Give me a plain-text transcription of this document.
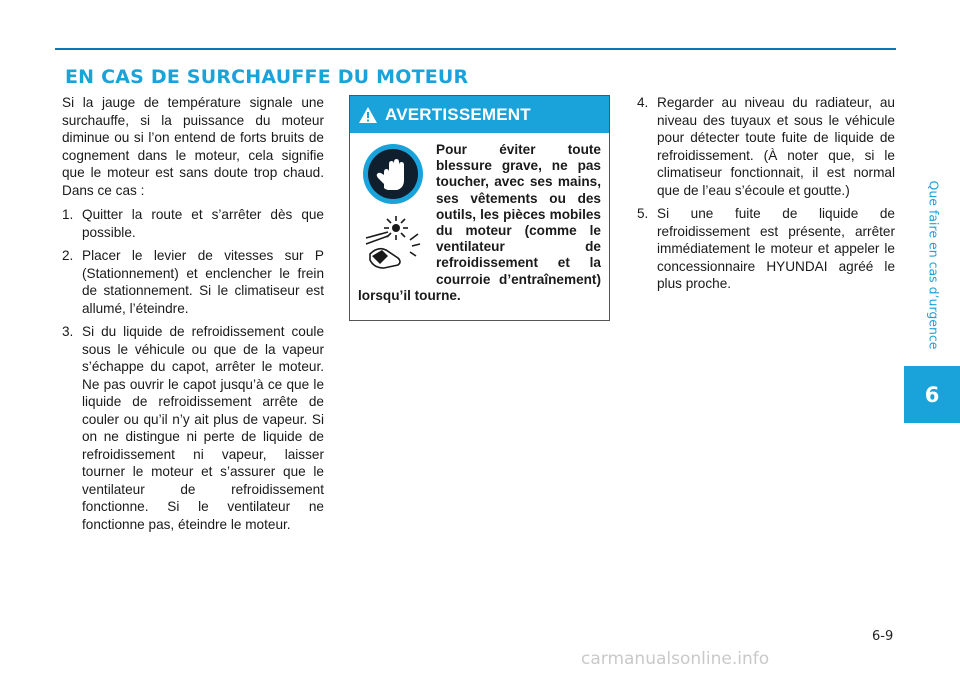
EN CAS DE SURCHAUFFE DU MOTEUR
Que faire en cas d’urgence
6

Si la jauge de température signale une surchauffe, si la puissance du moteur diminue ou si l’on entend de forts bruits de cognement dans le moteur, cela signifie que le moteur est sans doute trop chaud. Dans ce cas :

1. Quitter la route et s’arrêter dès que possible.
2. Placer le levier de vitesses sur P (Stationnement) et enclencher le frein de stationnement. Si le climatiseur est allumé, l’éteindre.
3. Si du liquide de refroidissement coule sous le véhicule ou que de la vapeur s’échappe du capot, arrêter le moteur. Ne pas ouvrir le capot jusqu’à ce que le liquide de refroidissement arrête de couler ou qu’il n’y ait plus de vapeur. Si on ne distingue ni perte de liquide de refroidissement ni vapeur, laisser tourner le moteur et s’assurer que le ventilateur de refroidissement fonctionne. Si le ventilateur ne fonctionne pas, éteindre le moteur.
AVERTISSEMENT

Pour éviter toute blessure grave, ne pas toucher, avec ses mains, ses vêtements ou des outils, les pièces mobiles du moteur (comme le ventilateur de refroidissement et la courroie d’entraînement) lorsqu’il tourne.
4. Regarder au niveau du radiateur, au niveau des tuyaux et sous le véhicule pour détecter toute fuite de liquide de refroidissement. (À noter que, si le climatiseur fonctionnait, il est normal que de l’eau s’écoule et goutte.)
5. Si une fuite de liquide de refroidissement est présente, arrêter immédiatement le moteur et appeler le concessionnaire HYUNDAI agréé le plus proche.
6-9
carmanualsonline.info
